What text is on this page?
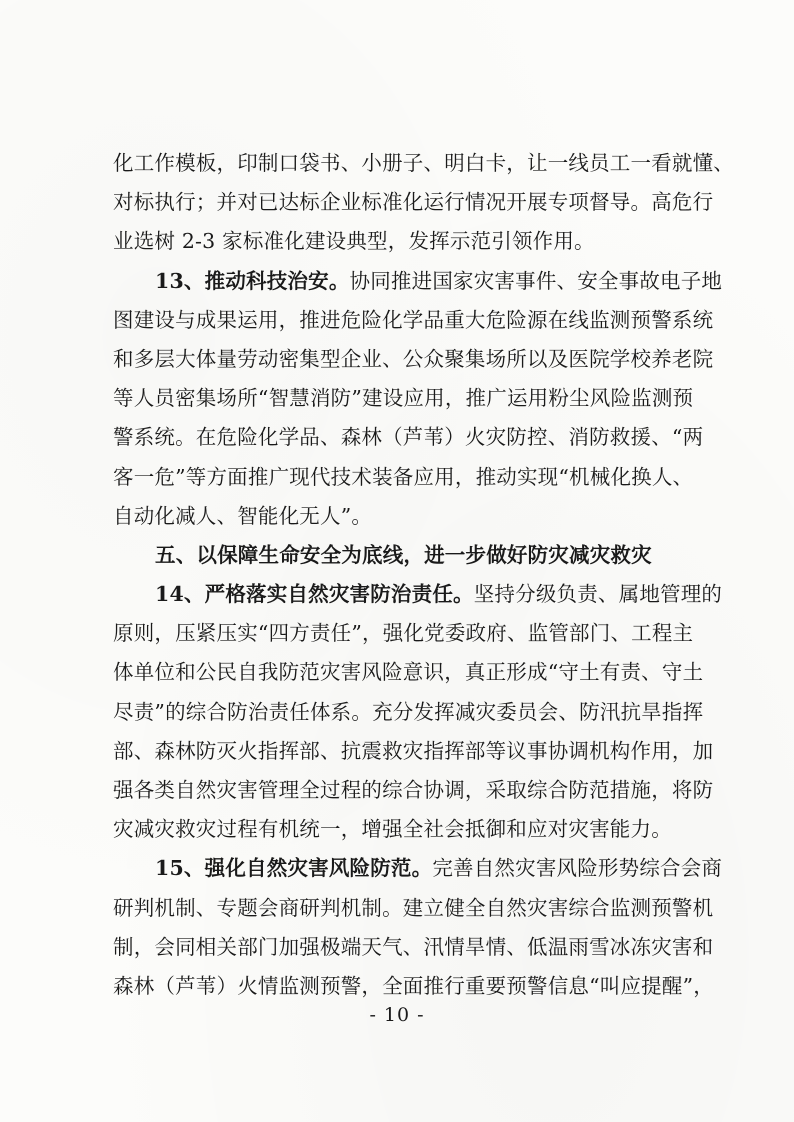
化工作模板，印制口袋书、小册子、明白卡，让一线员工一看就懂、
对标执行；并对已达标企业标准化运行情况开展专项督导。高危行
业选树 2-3 家标准化建设典型，发挥示范引领作用。
13、推动科技治安。协同推进国家灾害事件、安全事故电子地
图建设与成果运用，推进危险化学品重大危险源在线监测预警系统
和多层大体量劳动密集型企业、公众聚集场所以及医院学校养老院
等人员密集场所“智慧消防”建设应用，推广运用粉尘风险监测预
警系统。在危险化学品、森林（芦苇）火灾防控、消防救援、“两
客一危”等方面推广现代技术装备应用，推动实现“机械化换人、
自动化减人、智能化无人”。
五、以保障生命安全为底线，进一步做好防灾减灾救灾
14、严格落实自然灾害防治责任。坚持分级负责、属地管理的
原则，压紧压实“四方责任”，强化党委政府、监管部门、工程主
体单位和公民自我防范灾害风险意识，真正形成“守土有责、守土
尽责”的综合防治责任体系。充分发挥减灾委员会、防汛抗旱指挥
部、森林防灭火指挥部、抗震救灾指挥部等议事协调机构作用，加
强各类自然灾害管理全过程的综合协调，采取综合防范措施，将防
灾减灾救灾过程有机统一，增强全社会抵御和应对灾害能力。
15、强化自然灾害风险防范。完善自然灾害风险形势综合会商
研判机制、专题会商研判机制。建立健全自然灾害综合监测预警机
制，会同相关部门加强极端天气、汛情旱情、低温雨雪冰冻灾害和
森林（芦苇）火情监测预警，全面推行重要预警信息“叫应提醒”，
- 10 -
